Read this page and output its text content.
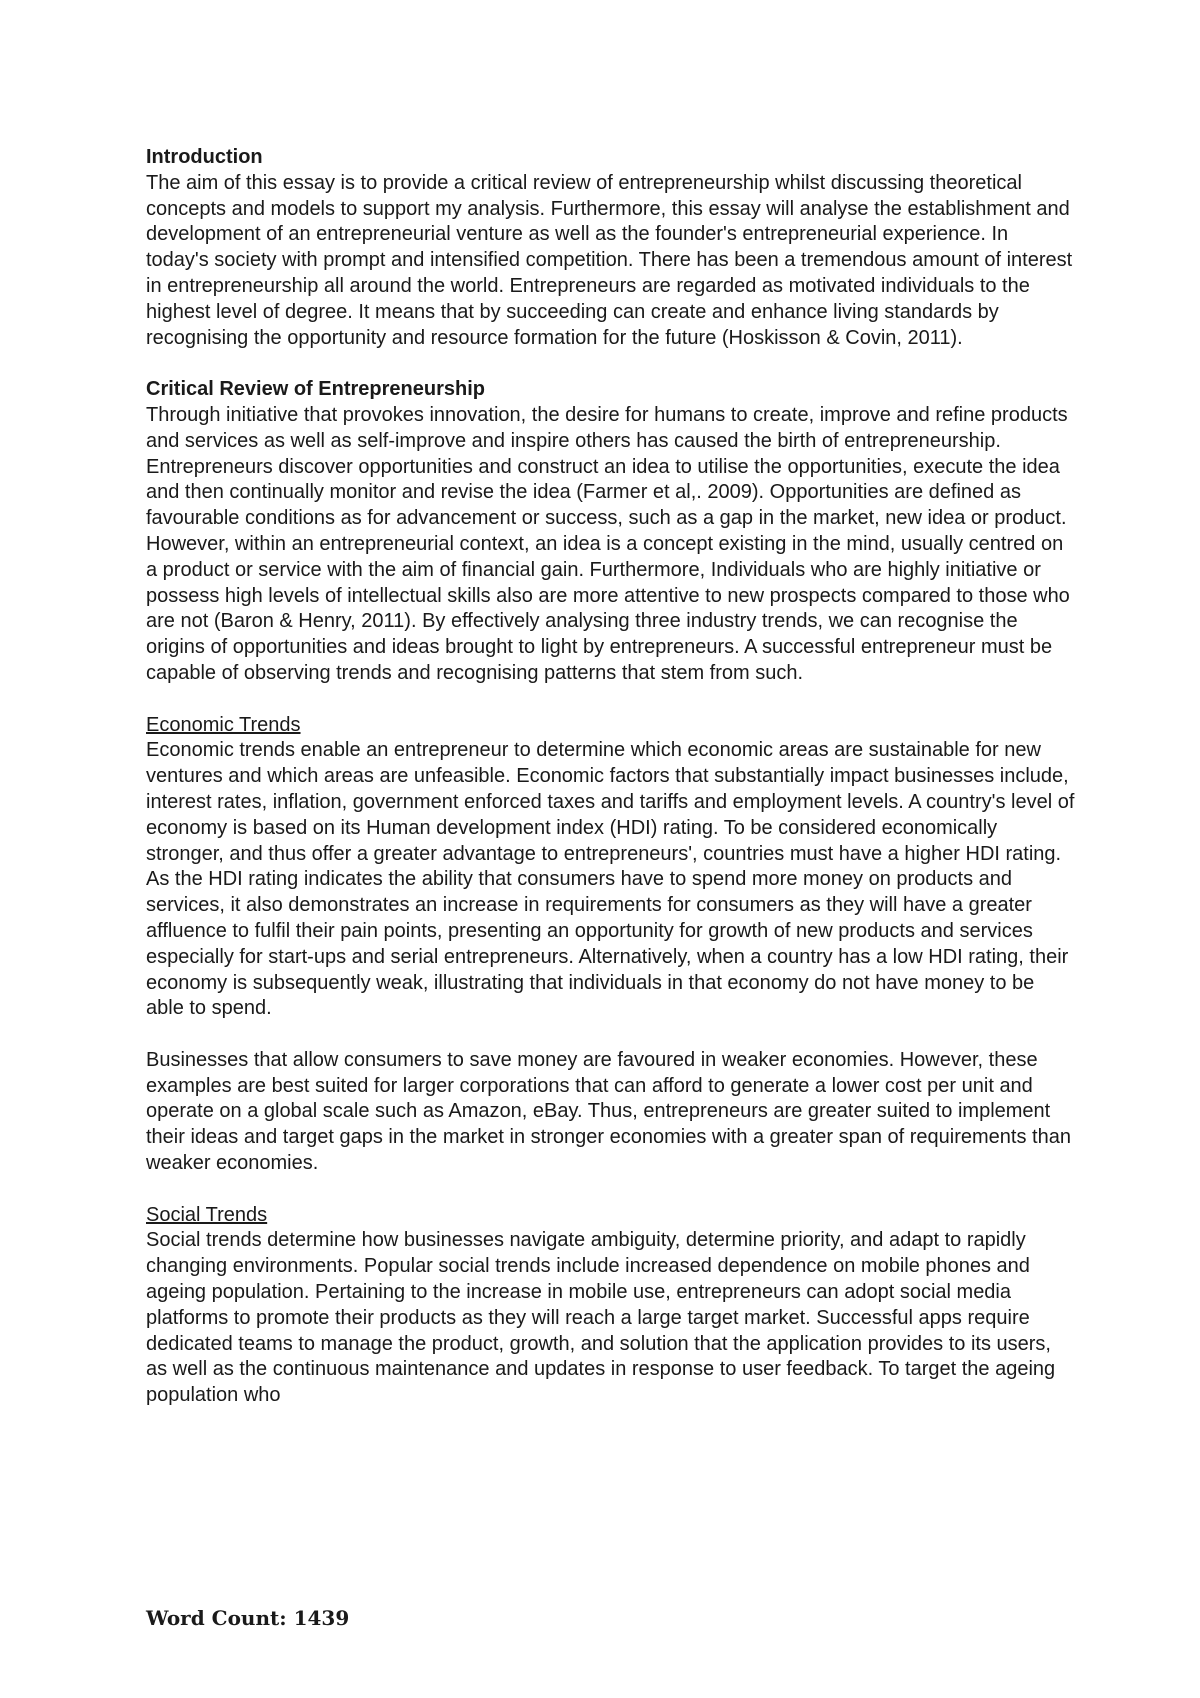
Introduction
The aim of this essay is to provide a critical review of entrepreneurship whilst discussing theoretical concepts and models to support my analysis. Furthermore, this essay will analyse the establishment and development of an entrepreneurial venture as well as the founder's entrepreneurial experience. In today's society with prompt and intensified competition. There has been a tremendous amount of interest in entrepreneurship all around the world. Entrepreneurs are regarded as motivated individuals to the highest level of degree. It means that by succeeding can create and enhance living standards by recognising the opportunity and resource formation for the future (Hoskisson & Covin, 2011).
Critical Review of Entrepreneurship
Through initiative that provokes innovation, the desire for humans to create, improve and refine products and services as well as self-improve and inspire others has caused the birth of entrepreneurship. Entrepreneurs discover opportunities and construct an idea to utilise the opportunities, execute the idea and then continually monitor and revise the idea (Farmer et al,. 2009). Opportunities are defined as favourable conditions as for advancement or success, such as a gap in the market, new idea or product. However, within an entrepreneurial context, an idea is a concept existing in the mind, usually centred on a product or service with the aim of financial gain. Furthermore, Individuals who are highly initiative or possess high levels of intellectual skills also are more attentive to new prospects compared to those who are not (Baron & Henry, 2011). By effectively analysing three industry trends, we can recognise the origins of opportunities and ideas brought to light by entrepreneurs. A successful entrepreneur must be capable of observing trends and recognising patterns that stem from such.
Economic Trends
Economic trends enable an entrepreneur to determine which economic areas are sustainable for new ventures and which areas are unfeasible. Economic factors that substantially impact businesses include, interest rates, inflation, government enforced taxes and tariffs and employment levels. A country's level of economy is based on its Human development index (HDI) rating. To be considered economically stronger, and thus offer a greater advantage to entrepreneurs', countries must have a higher HDI rating. As the HDI rating indicates the ability that consumers have to spend more money on products and services, it also demonstrates an increase in requirements for consumers as they will have a greater affluence to fulfil their pain points, presenting an opportunity for growth of new products and services especially for start-ups and serial entrepreneurs. Alternatively, when a country has a low HDI rating, their economy is subsequently weak, illustrating that individuals in that economy do not have money to be able to spend.
Businesses that allow consumers to save money are favoured in weaker economies. However, these examples are best suited for larger corporations that can afford to generate a lower cost per unit and operate on a global scale such as Amazon, eBay. Thus, entrepreneurs are greater suited to implement their ideas and target gaps in the market in stronger economies with a greater span of requirements than weaker economies.
Social Trends
Social trends determine how businesses navigate ambiguity, determine priority, and adapt to rapidly changing environments. Popular social trends include increased dependence on mobile phones and ageing population. Pertaining to the increase in mobile use, entrepreneurs can adopt social media platforms to promote their products as they will reach a large target market. Successful apps require dedicated teams to manage the product, growth, and solution that the application provides to its users, as well as the continuous maintenance and updates in response to user feedback. To target the ageing population who
Word Count: 1439
